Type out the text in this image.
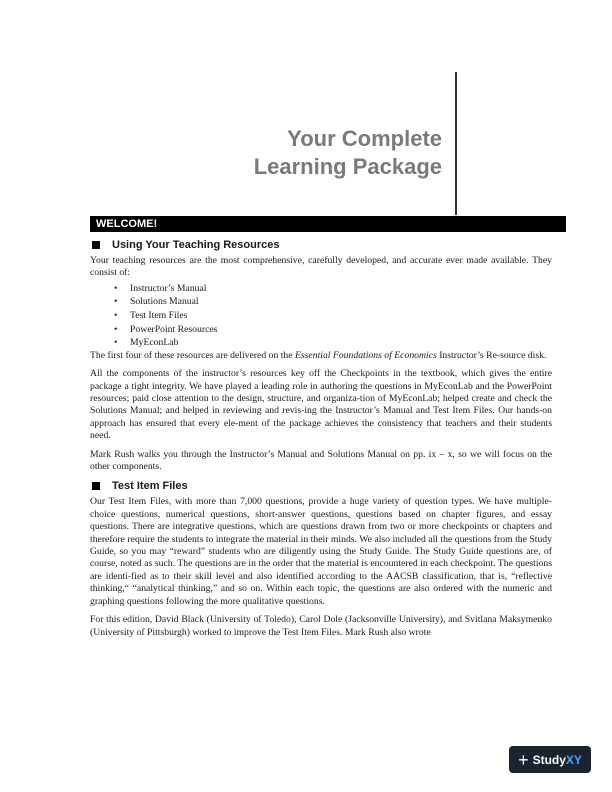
Your Complete
Learning Package
WELCOME!
Using Your Teaching Resources

Your teaching resources are the most comprehensive, carefully developed, and accurate ever made available. They consist of:

• Instructor’s Manual
• Solutions Manual
• Test Item Files
• PowerPoint Resources
• MyEconLab

The first four of these resources are delivered on the Essential Foundations of Economics Instructor’s Re-source disk.

All the components of the instructor’s resources key off the Checkpoints in the textbook, which gives the entire package a tight integrity. We have played a leading role in authoring the questions in MyEconLab and the PowerPoint resources; paid close attention to the design, structure, and organiza-tion of MyEconLab; helped create and check the Solutions Manual; and helped in reviewing and revis-ing the Instructor’s Manual and Test Item Files. Our hands-on approach has ensured that every ele-ment of the package achieves the consistency that teachers and their students need.

Mark Rush walks you through the Instructor’s Manual and Solutions Manual on pp. ix – x, so we will focus on the other components.

Test Item Files

Our Test Item Files, with more than 7,000 questions, provide a huge variety of question types. We have multiple-choice questions, numerical questions, short-answer questions, questions based on chapter figures, and essay questions. There are integrative questions, which are questions drawn from two or more checkpoints or chapters and therefore require the students to integrate the material in their minds. We also included all the questions from the Study Guide, so you may “reward” students who are diligently using the Study Guide. The Study Guide questions are, of course, noted as such. The questions are in the order that the material is encountered in each checkpoint. The questions are identi-fied as to their skill level and also identified according to the AACSB classification, that is, “reflective thinking,“ “analytical thinking,” and so on. Within each topic, the questions are also ordered with the numeric and graphing questions following the more qualitative questions.

For this edition, David Black (University of Toledo), Carol Dole (Jacksonville University), and Svitlana Maksymenko (University of Pittsburgh) worked to improve the Test Item Files. Mark Rush also wrote

+ Study XY
